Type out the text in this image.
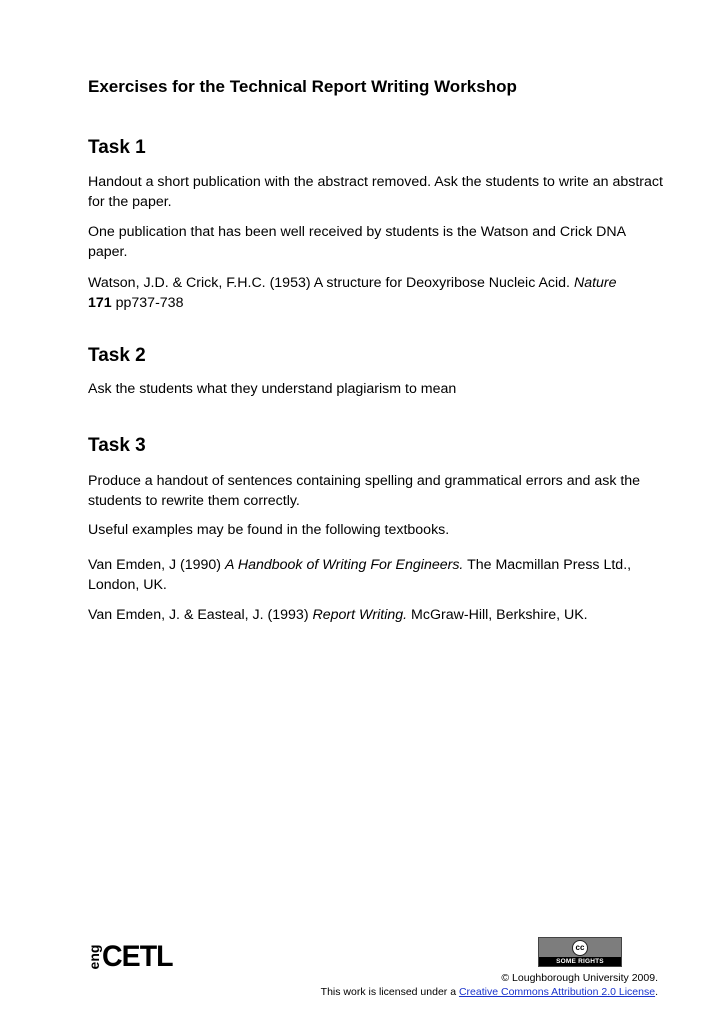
Exercises for the Technical Report Writing Workshop
Task 1

Handout a short publication with the abstract removed. Ask the students to write an abstract for the paper.

One publication that has been well received by students is the Watson and Crick DNA paper.

Watson, J.D. & Crick, F.H.C. (1953) A structure for Deoxyribose Nucleic Acid. Nature
171 pp737-738

Task 2

Ask the students what they understand plagiarism to mean

Task 3

Produce a handout of sentences containing spelling and grammatical errors and ask the students to rewrite them correctly.

Useful examples may be found in the following textbooks.

Van Emden, J (1990) A Handbook of Writing For Engineers. The Macmillan Press Ltd., London, UK.

Van Emden, J. & Easteal, J. (1993) Report Writing. McGraw-Hill, Berkshire, UK.

eng CETL	cc
SOME RIGHTS RESERVED

© Loughborough University 2009.

This work is licensed under a Creative Commons Attribution 2.0 License.
